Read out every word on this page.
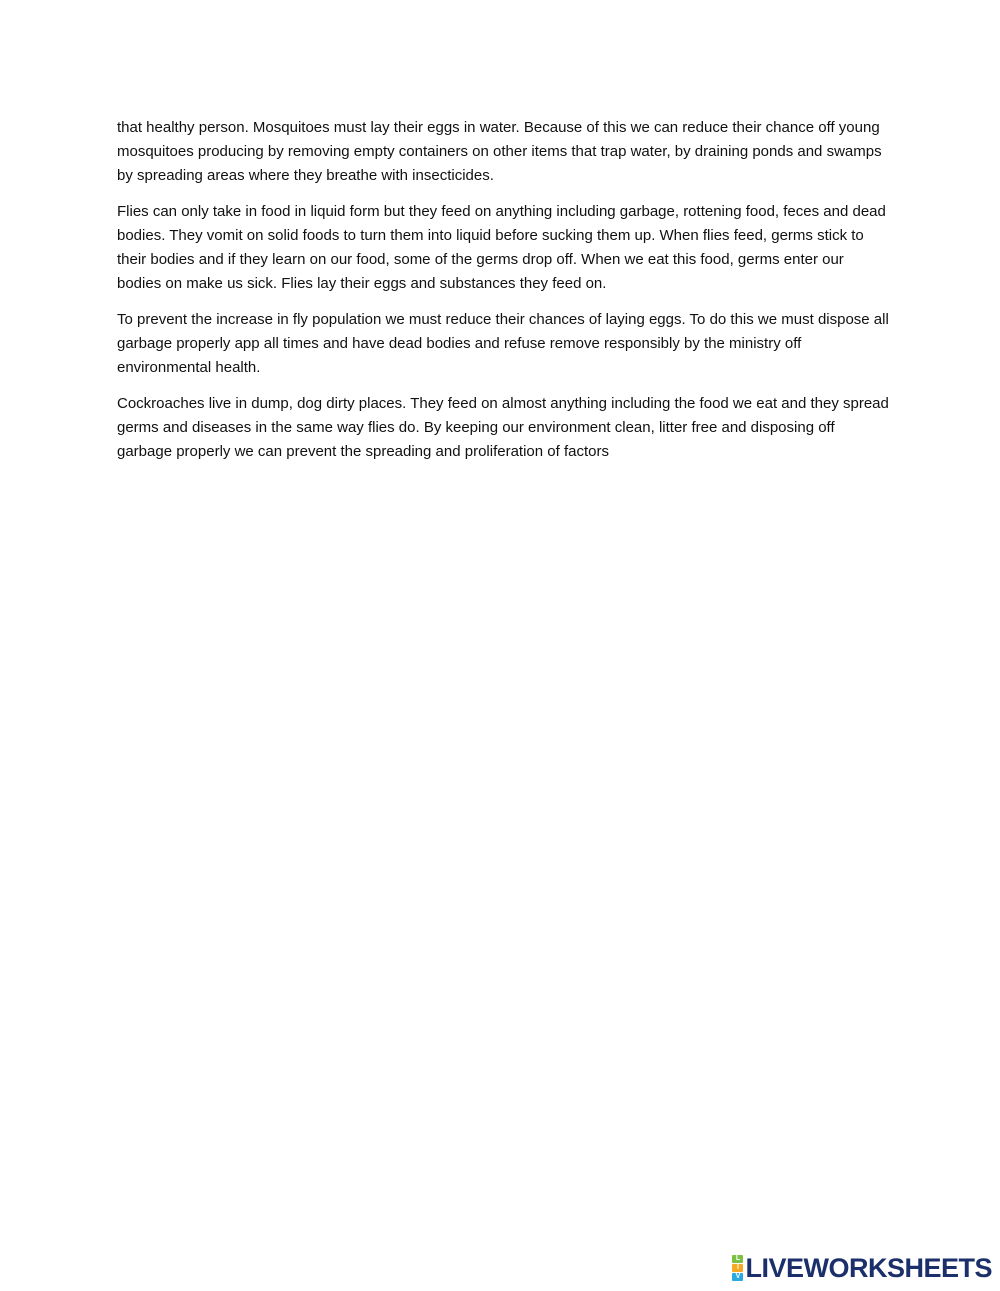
that healthy person. Mosquitoes must lay their eggs in water. Because of this we can reduce their chance off young mosquitoes producing by removing empty containers on other items that trap water, by draining ponds and swamps by spreading areas where they breathe with insecticides.

Flies can only take in food in liquid form but they feed on anything including garbage, rottening food, feces and dead bodies. They vomit on solid foods to turn them into liquid before sucking them up. When flies feed, germs stick to their bodies and if they learn on our food, some of the germs drop off. When we eat this food, germs enter our bodies on make us sick. Flies lay their eggs and substances they feed on.

To prevent the increase in fly population we must reduce their chances of laying eggs. To do this we must dispose all garbage properly app all times and have dead bodies and refuse remove responsibly by the ministry off environmental health.

Cockroaches live in dump, dog dirty places. They feed on almost anything including the food we eat and they spread germs and diseases in the same way flies do. By keeping our environment clean, litter free and disposing off garbage properly we can prevent the spreading and proliferation of factors

L
I
V LIVEWORKSHEETS
